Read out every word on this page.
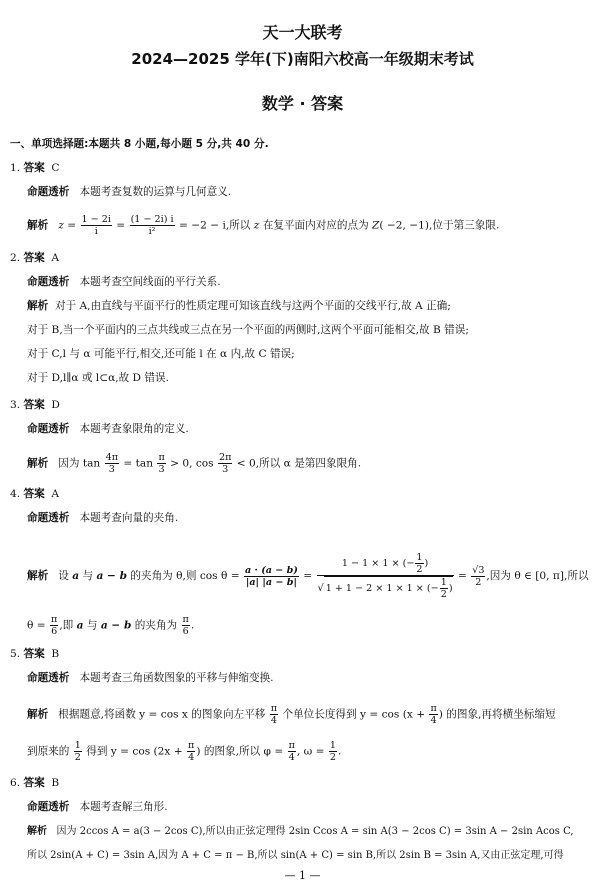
天一大联考
2024—2025 学年(下)南阳六校高一年级期末考试
数学 · 答案
一、单项选择题:本题共 8 小题,每小题 5 分,共 40 分.
1. 答案 C
命题透析 本题考查复数的运算与几何意义.
解析 $z = \frac{1 - 2i}{i} = \frac{(1 - 2i) i}{\text{i²}} = -2 - i$,所以 z 在复平面内对应的点为 Z( −2, −1),位于第三象限.
2. 答案 A
命题透析 本题考查空间线面的平行关系.
解析 对于 A,由直线与平面平行的性质定理可知该直线与这两个平面的交线平行,故 A 正确;
对于 B,当一个平面内的三点共线或三点在另一个平面的两侧时,这两个平面可能相交,故 B 错误;
对于 C,l 与 α 可能平行,相交,还可能 l 在 α 内,故 C 错误;
对于 D,l∥α 或 l⊂α,故 D 错误.
3. 答案 D
命题透析 本题考查象限角的定义.
解析 因为 $\tan \frac{4\pi}{3} = \tan \frac{\pi}{3} > 0$, $\cos \frac{2\pi}{3} < 0$,所以 α 是第四象限角.
4. 答案 A
命题透析 本题考查向量的夹角.
解析 设 a 与 a − b 的夹角为 θ,则 $\cos \theta = \frac{a \cdot (a - b)}{|a| |a - b|} = \frac{1 - 1 \times 1 \times (- \frac{1}{2} )}{√ 1 + 1 - 2 \times 1 \times 1 \times (- \frac{1}{2} )} = \frac{√3}{2}$ ,因为 θ ∈ [0, π],所以
$\theta = \frac{\pi}{6}$ ,即 a 与 a − b 的夹角为 $\frac{\pi}{6}$ .
5. 答案 B
命题透析 本题考查三角函数图象的平移与伸缩变换.
解析 根据题意,将函数 y = cos x 的图象向左平移 $\frac{\pi}{4}$ 个单位长度得到 $y = \cos (x + \frac{\pi}{4}$ ) 的图象,再将横坐标缩短
到原来的 $\frac{1}{2}$ 得到 $y = \cos (2x + \frac{\pi}{4}$ ) 的图象,所以 $\varphi = \frac{\pi}{4}$ , $\omega = \frac{1}{2}$ .
6. 答案 B
命题透析 本题考查解三角形.
解析 因为 2ccos A = a(3 − 2cos C),所以由正弦定理得 2sin Ccos A = sin A(3 − 2cos C) = 3sin A − 2sin Acos C,
所以 2sin(A + C) = 3sin A,因为 A + C = π − B,所以 sin(A + C) = sin B,所以 2sin B = 3sin A,又由正弦定理,可得
— 1 —
